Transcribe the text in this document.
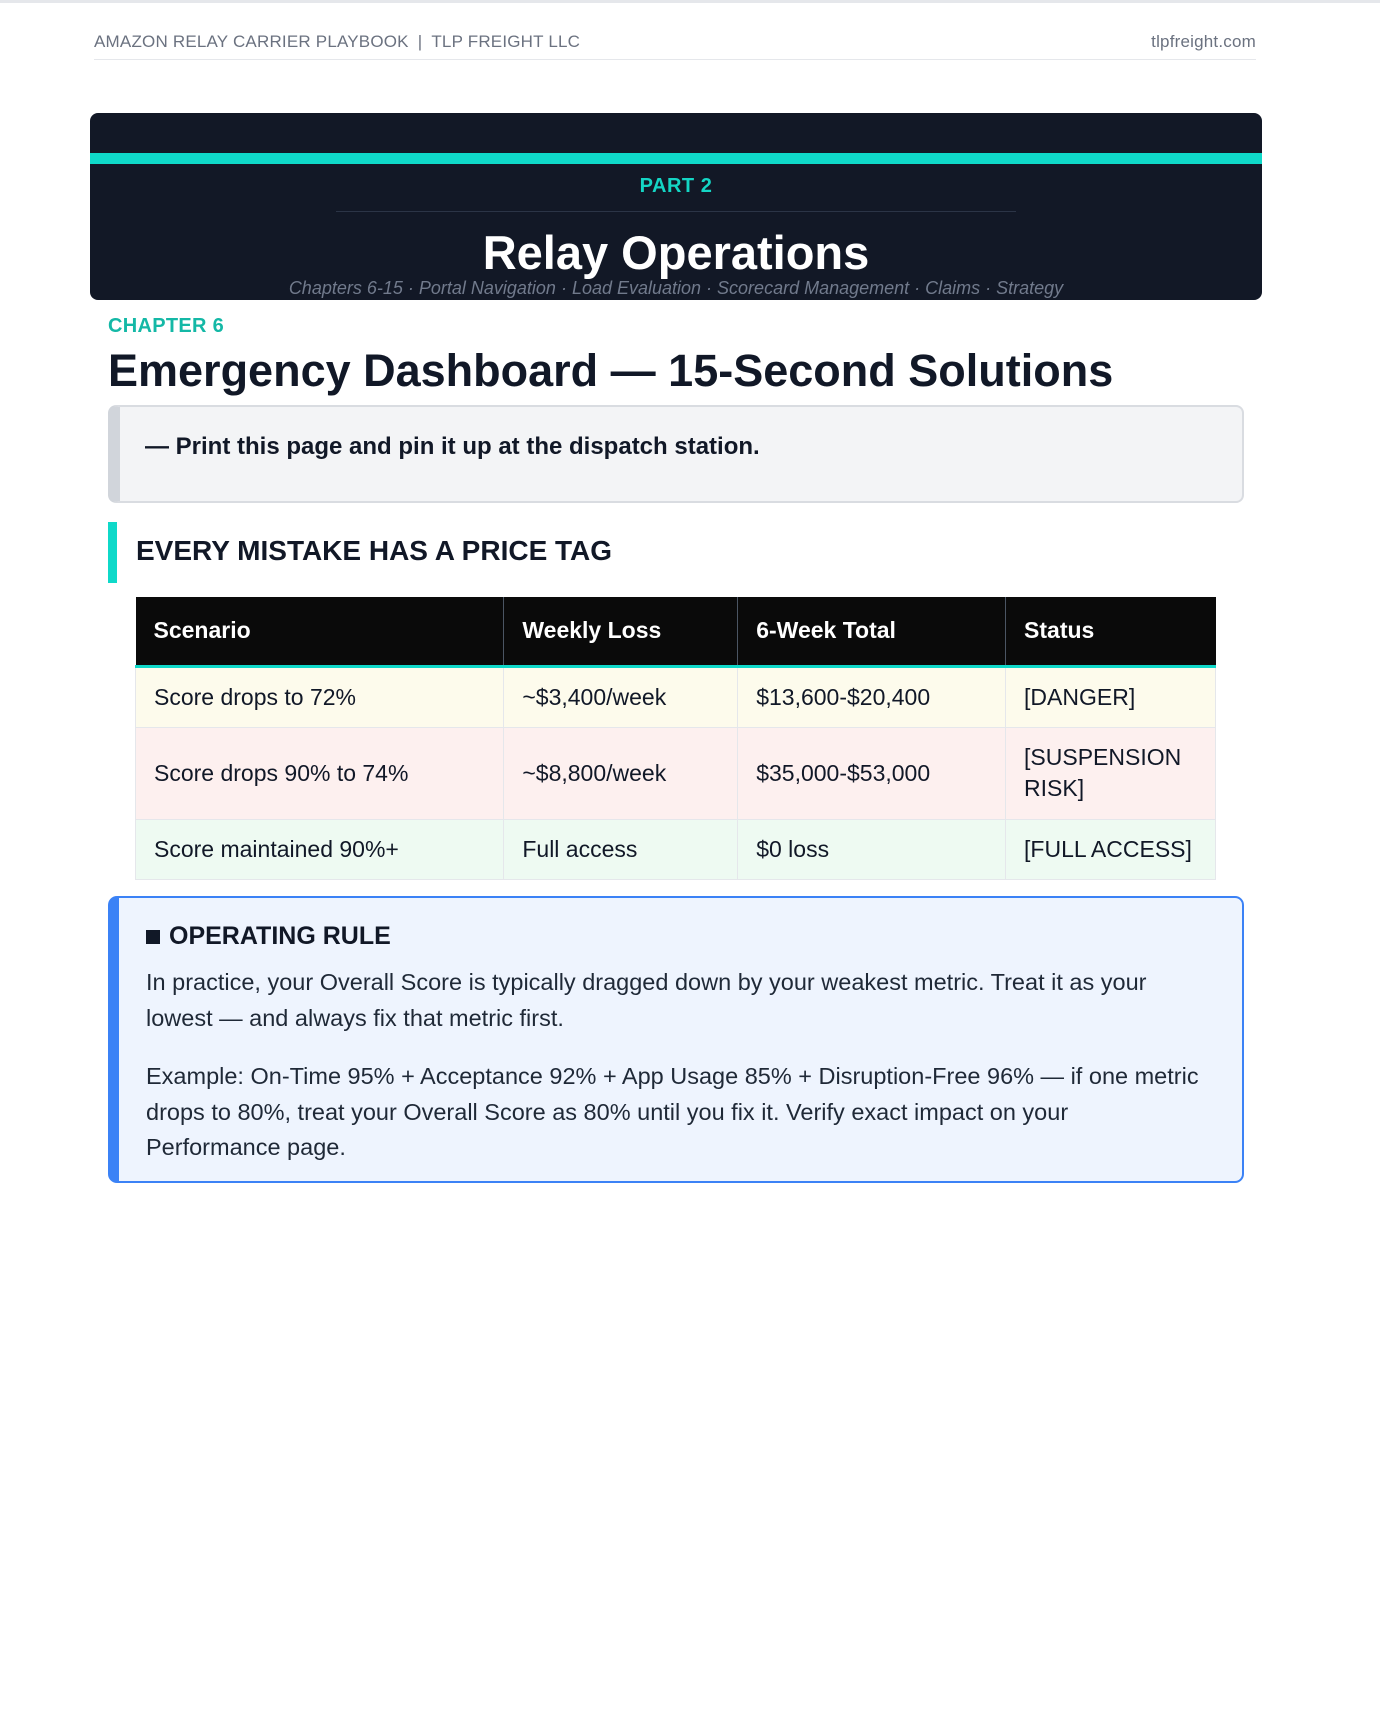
AMAZON RELAY CARRIER PLAYBOOK | TLP FREIGHT LLC	tlpfreight.com
PART 2
Relay Operations
Chapters 6-15 · Portal Navigation · Load Evaluation · Scorecard Management · Claims · Strategy
CHAPTER 6
Emergency Dashboard — 15-Second Solutions
— Print this page and pin it up at the dispatch station.
EVERY MISTAKE HAS A PRICE TAG
Scenario	Weekly Loss	6-Week Total	Status
Score drops to 72%	~$3,400/week	$13,600-$20,400	[DANGER]
Score drops 90% to 74%	~$8,800/week	$35,000-$53,000	[SUSPENSION RISK]
Score maintained 90%+	Full access	$0 loss	[FULL ACCESS]
OPERATING RULE

In practice, your Overall Score is typically dragged down by your weakest metric. Treat it as your lowest — and always fix that metric first.

Example: On-Time 95% + Acceptance 92% + App Usage 85% + Disruption-Free 96% — if one metric drops to 80%, treat your Overall Score as 80% until you fix it. Verify exact impact on your Performance page.
